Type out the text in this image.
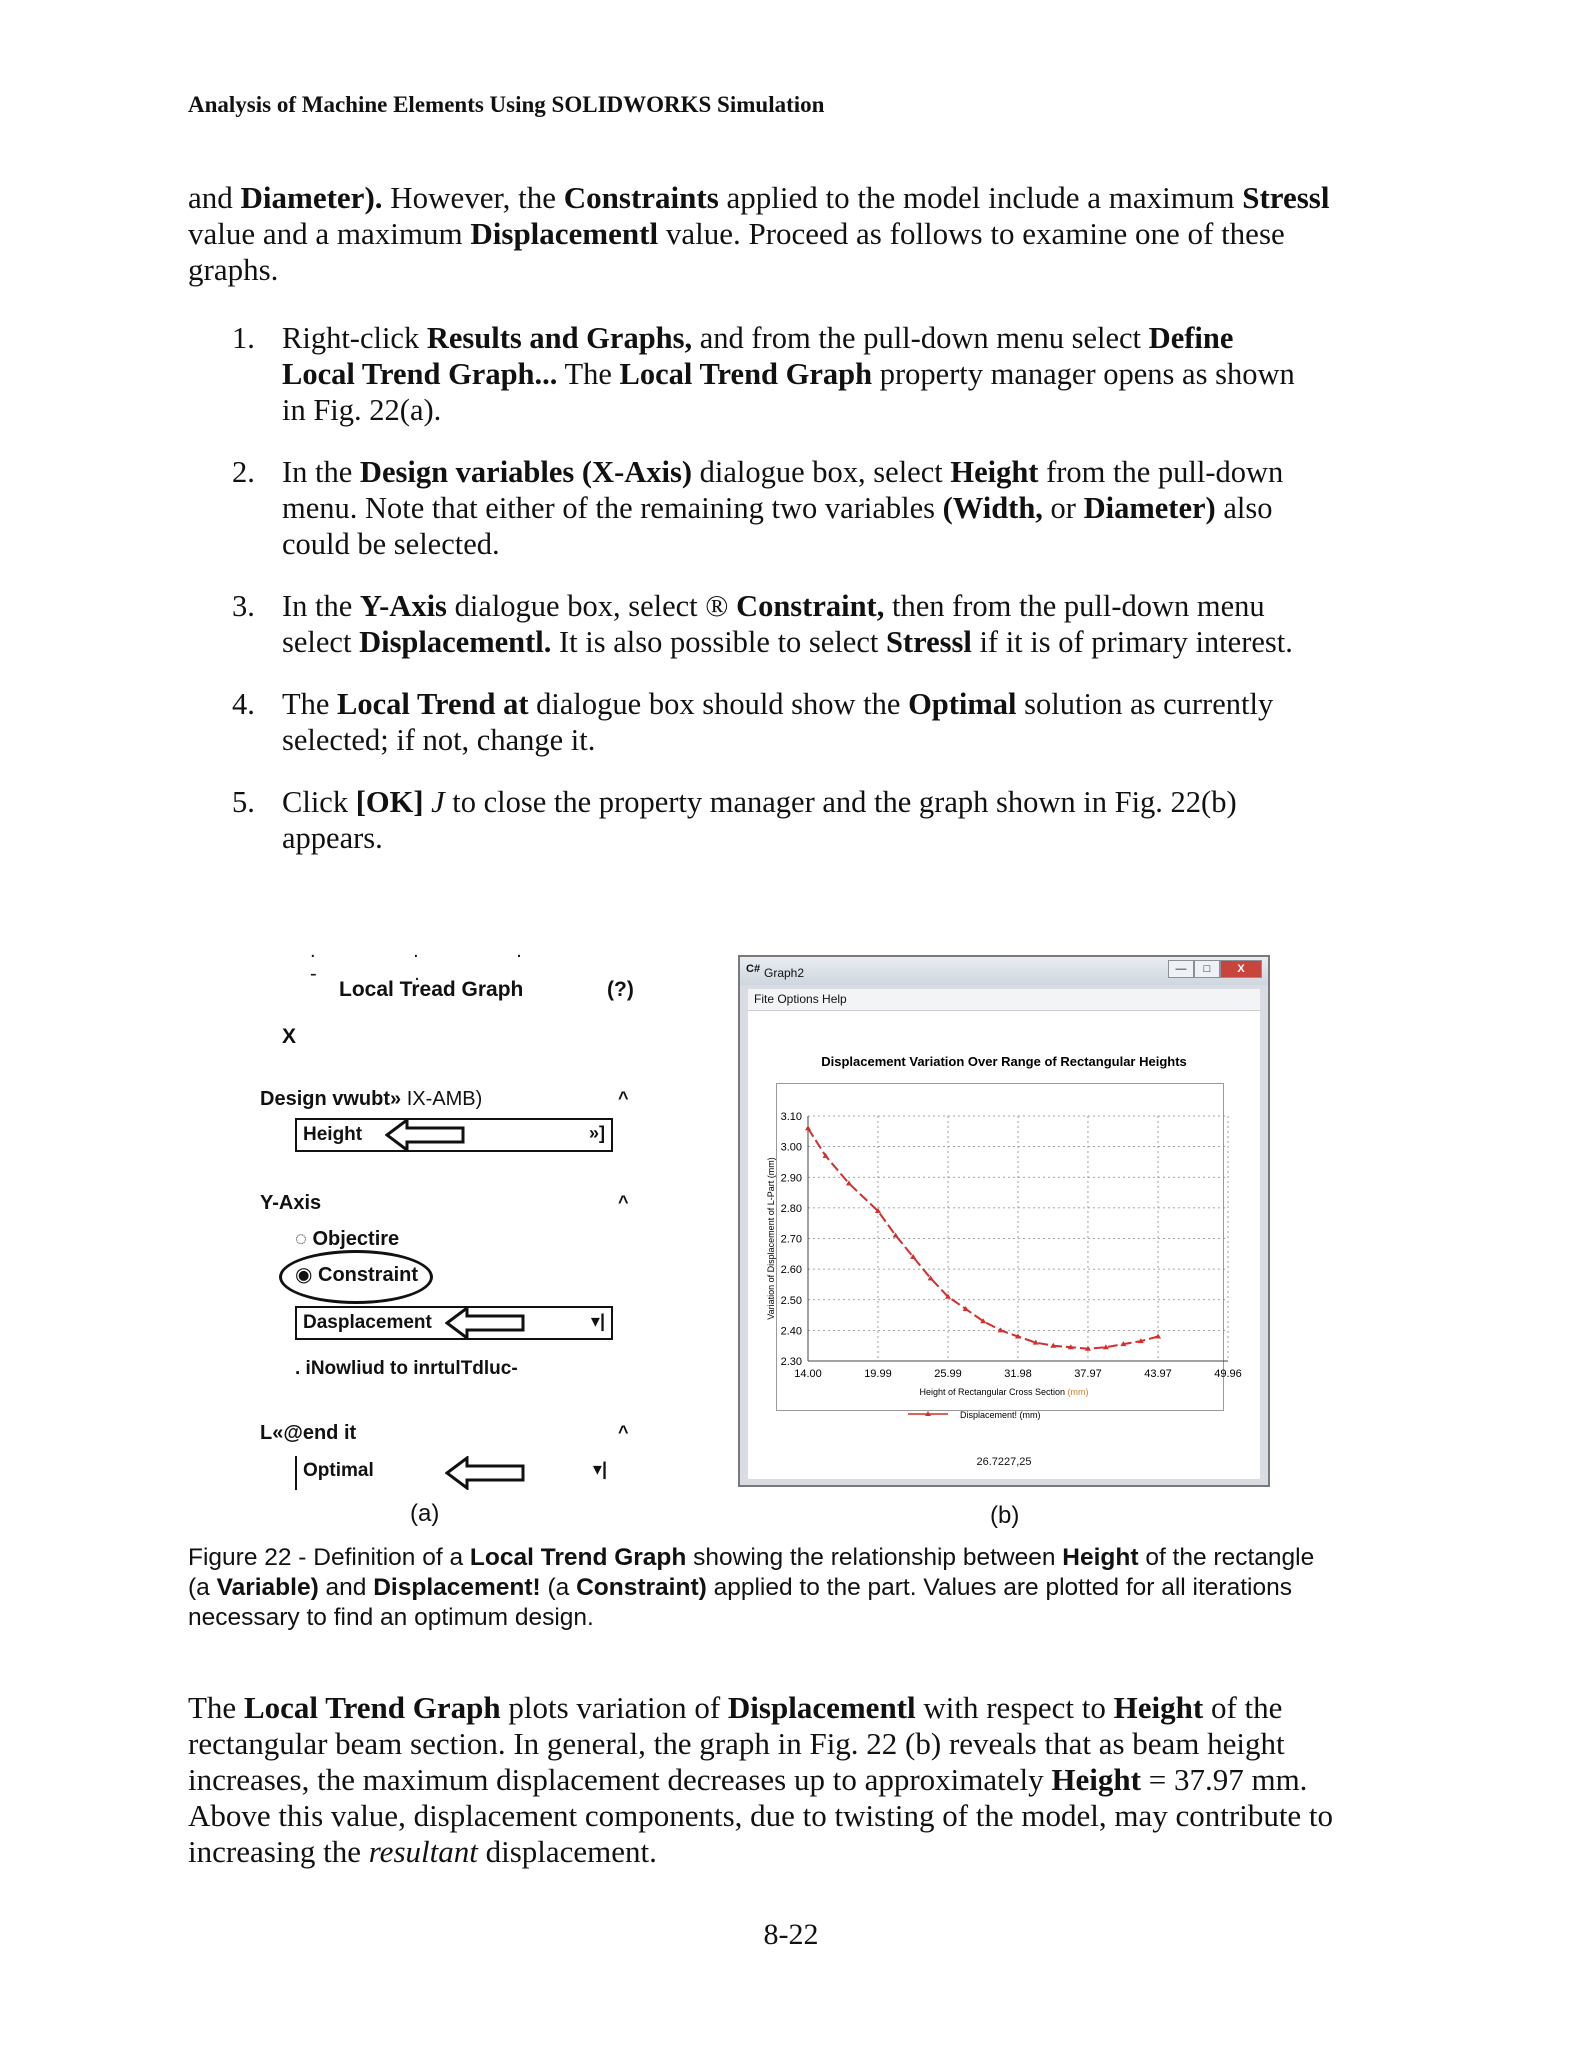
Analysis of Machine Elements Using SOLIDWORKS Simulation

and Diameter). However, the Constraints applied to the model include a maximum Stressl value and a maximum Displacementl value. Proceed as follows to examine one of these graphs.

1. Right-click Results and Graphs, and from the pull-down menu select Define Local Trend Graph... The Local Trend Graph property manager opens as shown in Fig. 22(a).
2. In the Design variables (X-Axis) dialogue box, select Height from the pull-down menu. Note that either of the remaining two variables (Width, or Diameter) also could be selected.
3. In the Y-Axis dialogue box, select ® Constraint, then from the pull-down menu select Displacementl. It is also possible to select Stressl if it is of primary interest.
4. The Local Trend at dialogue box should show the Optimal solution as currently selected; if not, change it.
5. Click [OK] J to close the property manager and the graph shown in Fig. 22(b) appears.
. . . - .
Local Tread Graph	(?)
X
Design vwubt» IX-AMB)	^
Height	»]
Y-Axis	^
◌ Objectire
◉ Constraint
Dasplacement	▾|
. iNowliud to inrtulTdluc-
L«@end it	^
Optimal	▾|
(a)
C# Graph2	—	□	X
Fite Options Help
Displacement Variation Over Range of Rectangular Heights
3.10
3.00
2.90
2.80
2.70
2.60
2.50
2.40
2.30
14.00	19.99	25.99	31.98	37.97	43.97	49.96
Height of Rectangular Cross Section (mm)
Variation of Displacement of L-Part (mm)
Displacement! (mm)
26.7227,25
(b)

Figure 22 - Definition of a Local Trend Graph showing the relationship between Height of the rectangle (a Variable) and Displacement! (a Constraint) applied to the part. Values are plotted for all iterations necessary to find an optimum design.

The Local Trend Graph plots variation of Displacementl with respect to Height of the rectangular beam section. In general, the graph in Fig. 22 (b) reveals that as beam height increases, the maximum displacement decreases up to approximately Height = 37.97 mm. Above this value, displacement components, due to twisting of the model, may contribute to increasing the resultant displacement.

8-22
